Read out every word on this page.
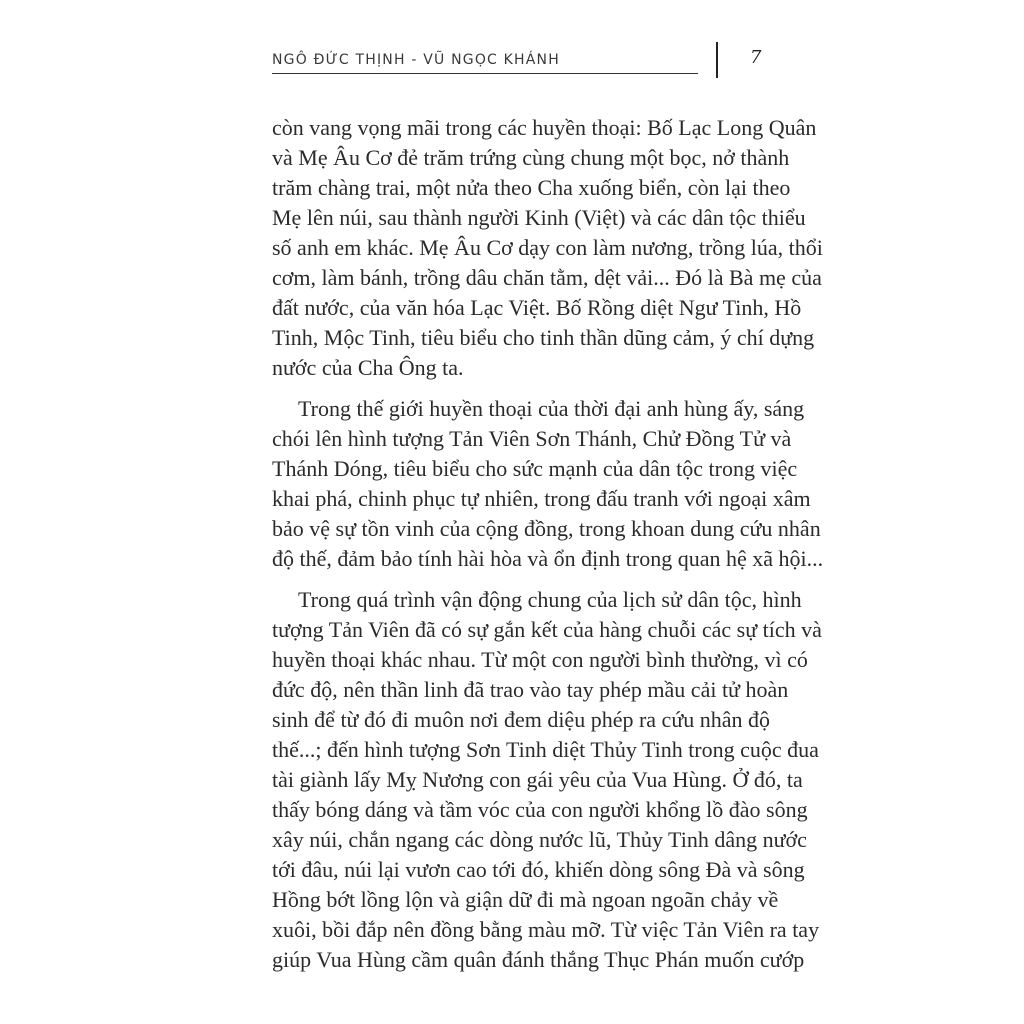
NGÔ ĐỨC THỊNH - VŨ NGỌC KHÁNH	7
còn vang vọng mãi trong các huyền thoại: Bố Lạc Long Quân
và Mẹ Âu Cơ đẻ trăm trứng cùng chung một bọc, nở thành
trăm chàng trai, một nửa theo Cha xuống biển, còn lại theo
Mẹ lên núi, sau thành người Kinh (Việt) và các dân tộc thiểu
số anh em khác. Mẹ Âu Cơ dạy con làm nương, trồng lúa, thổi
cơm, làm bánh, trồng dâu chăn tằm, dệt vải... Đó là Bà mẹ của
đất nước, của văn hóa Lạc Việt. Bố Rồng diệt Ngư Tinh, Hồ
Tinh, Mộc Tinh, tiêu biểu cho tinh thần dũng cảm, ý chí dựng
nước của Cha Ông ta.
Trong thế giới huyền thoại của thời đại anh hùng ấy, sáng
chói lên hình tượng Tản Viên Sơn Thánh, Chử Đồng Tử và
Thánh Dóng, tiêu biểu cho sức mạnh của dân tộc trong việc
khai phá, chinh phục tự nhiên, trong đấu tranh với ngoại xâm
bảo vệ sự tồn vinh của cộng đồng, trong khoan dung cứu nhân
độ thế, đảm bảo tính hài hòa và ổn định trong quan hệ xã hội...
Trong quá trình vận động chung của lịch sử dân tộc, hình
tượng Tản Viên đã có sự gắn kết của hàng chuỗi các sự tích và
huyền thoại khác nhau. Từ một con người bình thường, vì có
đức độ, nên thần linh đã trao vào tay phép mầu cải tử hoàn
sinh để từ đó đi muôn nơi đem diệu phép ra cứu nhân độ
thế...; đến hình tượng Sơn Tinh diệt Thủy Tinh trong cuộc đua
tài giành lấy Mỵ Nương con gái yêu của Vua Hùng. Ở đó, ta
thấy bóng dáng và tầm vóc của con người khổng lồ đào sông
xây núi, chắn ngang các dòng nước lũ, Thủy Tinh dâng nước
tới đâu, núi lại vươn cao tới đó, khiến dòng sông Đà và sông
Hồng bớt lồng lộn và giận dữ đi mà ngoan ngoãn chảy về
xuôi, bồi đắp nên đồng bằng màu mỡ. Từ việc Tản Viên ra tay
giúp Vua Hùng cầm quân đánh thắng Thục Phán muốn cướp
